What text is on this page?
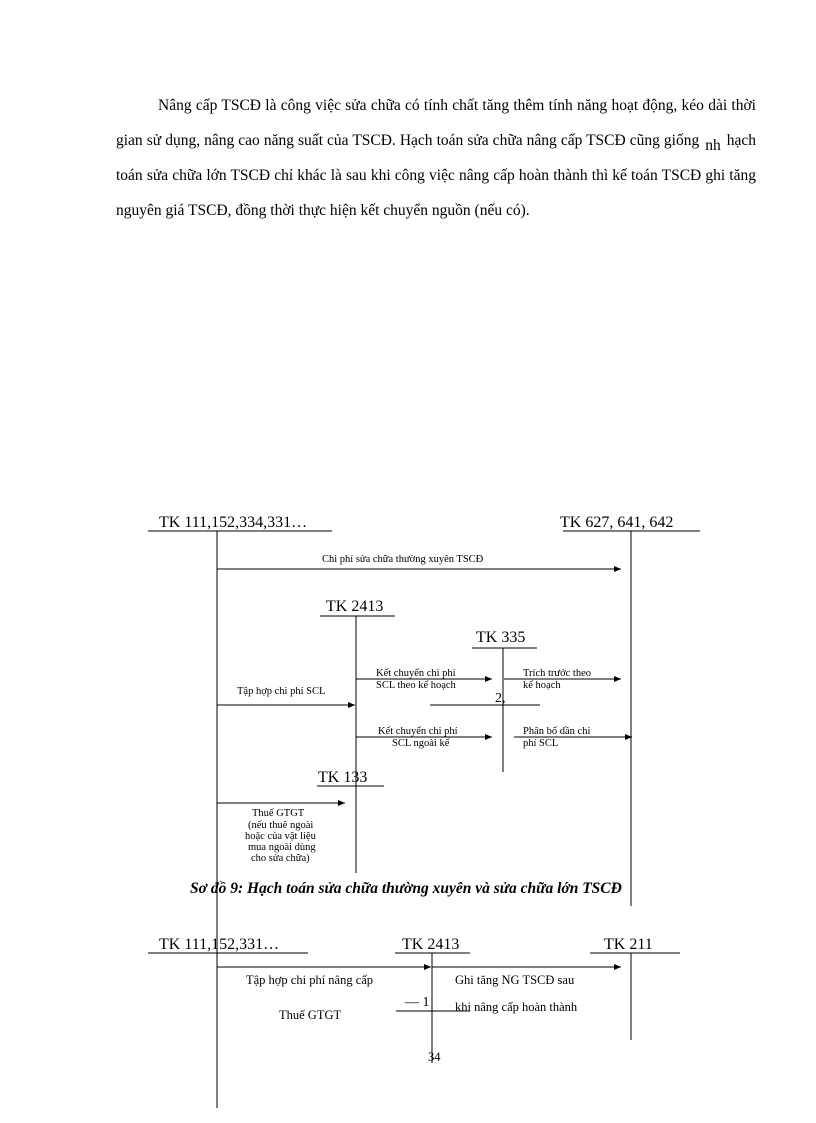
Nâng cấp TSCĐ là công việc sửa chữa có tính chất tăng thêm tính năng hoạt động, kéo dài thời gian sử dụng, nâng cao năng suất của TSCĐ. Hạch toán sửa chữa nâng cấp TSCĐ cũng giống nh hạch toán sửa chữa lớn TSCĐ chỉ khác là sau khi công việc nâng cấp hoàn thành thì kế toán TSCĐ ghi tăng nguyên giá TSCĐ, đồng thời thực hiện kết chuyển nguồn (nếu có).

TK 111,152,334,331…	TK 627, 641, 642
TK 2413
TK 335
TK 133
Chi phí sửa chữa thường xuyên TSCĐ
Tập hợp chi phí SCL
Kết chuyển chi phí
SCL theo kế hoạch
Trích trước theo
kế hoạch
2,
Kết chuyển chi phí
SCL ngoài kế
Phân bổ dần chi
phí SCL
Thuế GTGT
(nếu thuê ngoài
hoặc của vật liệu
mua ngoài dùng
cho sửa chữa)
Sơ đồ 9: Hạch toán sửa chữa thường xuyên và sửa chữa lớn TSCĐ
TK 111,152,331…	TK 2413	TK 211
Tập hợp chi phí nâng cấp	Ghi tăng NG TSCĐ sau
khi nâng cấp hoàn thành
Thuế GTGT
–– 1
34
